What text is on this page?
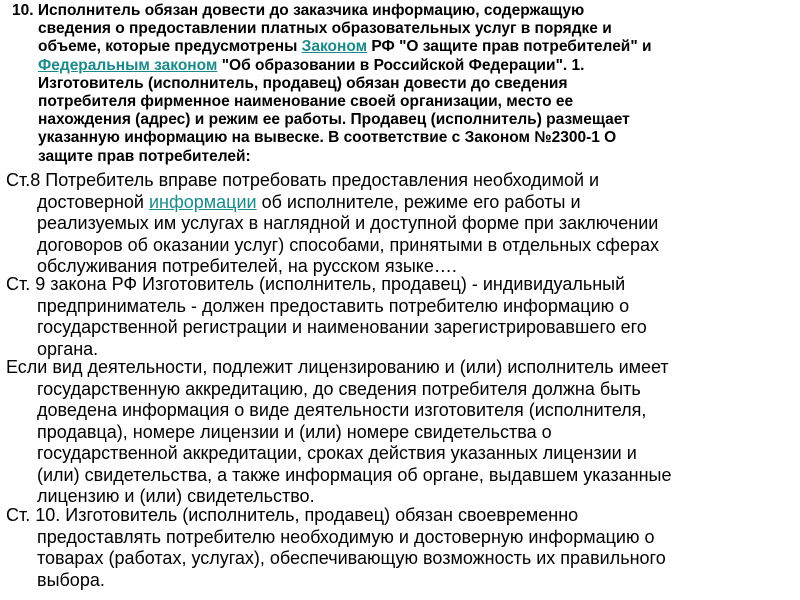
10. Исполнитель обязан довести до заказчика информацию, содержащую
сведения о предоставлении платных образовательных услуг в порядке и
объеме, которые предусмотрены Законом РФ "О защите прав потребителей" и
Федеральным законом "Об образовании в Российской Федерации". 1.
Изготовитель (исполнитель, продавец) обязан довести до сведения
потребителя фирменное наименование своей организации, место ее
нахождения (адрес) и режим ее работы. Продавец (исполнитель) размещает
указанную информацию на вывеске. В соответствие с Законом №2300-1 О
защите прав потребителей:
Ст.8 Потребитель вправе потребовать предоставления необходимой и
достоверной информации об исполнителе, режиме его работы и
реализуемых им услугах в наглядной и доступной форме при заключении
договоров об оказании услуг) способами, принятыми в отдельных сферах
обслуживания потребителей, на русском языке….
Ст. 9 закона РФ Изготовитель (исполнитель, продавец) - индивидуальный
предприниматель - должен предоставить потребителю информацию о
государственной регистрации и наименовании зарегистрировавшего его
органа.
Если вид деятельности, подлежит лицензированию и (или) исполнитель имеет
государственную аккредитацию, до сведения потребителя должна быть
доведена информация о виде деятельности изготовителя (исполнителя,
продавца), номере лицензии и (или) номере свидетельства о
государственной аккредитации, сроках действия указанных лицензии и
(или) свидетельства, а также информация об органе, выдавшем указанные
лицензию и (или) свидетельство.
Ст. 10. Изготовитель (исполнитель, продавец) обязан своевременно
предоставлять потребителю необходимую и достоверную информацию о
товарах (работах, услугах), обеспечивающую возможность их правильного
выбора.
